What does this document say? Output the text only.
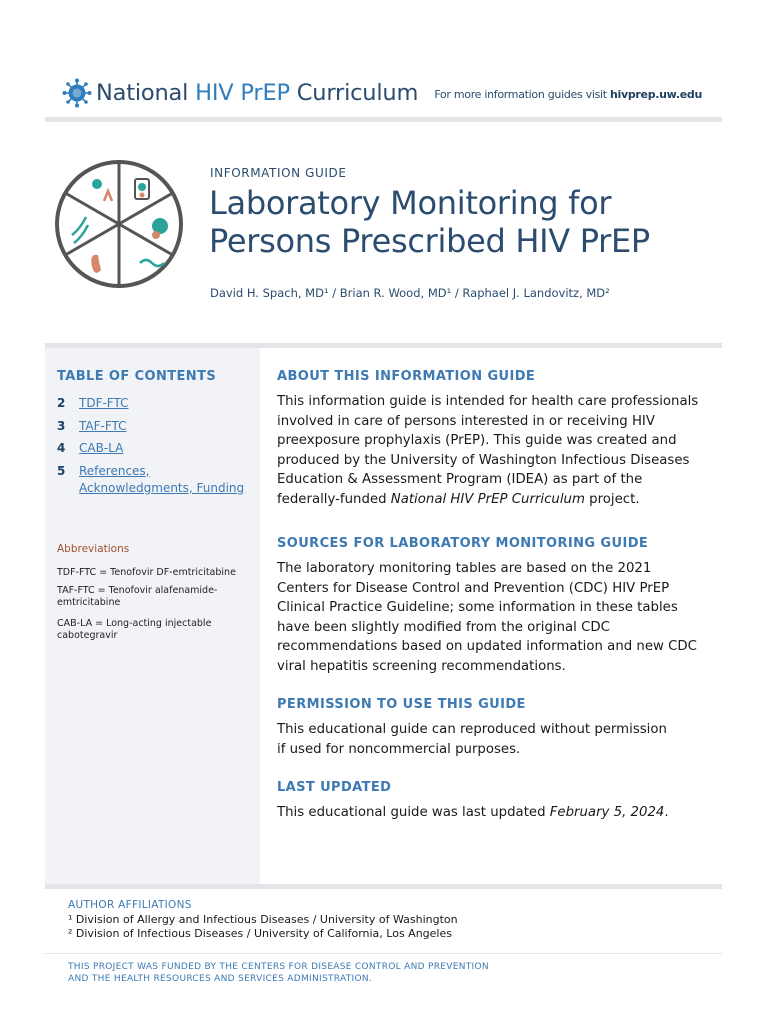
National HIV PrEP Curriculum For more information guides visit hivprep.uw.edu
INFORMATION GUIDE
Laboratory Monitoring for
Persons Prescribed HIV PrEP
David H. Spach, MD¹ / Brian R. Wood, MD¹ / Raphael J. Landovitz, MD²
TABLE OF CONTENTS
2	TDF-FTC
3	TAF-FTC
4	CAB-LA
5	References, Acknowledgments, Funding
Abbreviations
TDF-FTC = Tenofovir DF-emtricitabine
TAF-FTC = Tenofovir alafenamide-emtricitabine
CAB-LA = Long-acting injectable cabotegravir
ABOUT THIS INFORMATION GUIDE

This information guide is intended for health care professionals involved in care of persons interested in or receiving HIV preexposure prophylaxis (PrEP). This guide was created and produced by the University of Washington Infectious Diseases Education & Assessment Program (IDEA) as part of the federally-funded National HIV PrEP Curriculum project.

SOURCES FOR LABORATORY MONITORING GUIDE

The laboratory monitoring tables are based on the 2021 Centers for Disease Control and Prevention (CDC) HIV PrEP Clinical Practice Guideline; some information in these tables have been slightly modified from the original CDC recommendations based on updated information and new CDC viral hepatitis screening recommendations.

PERMISSION TO USE THIS GUIDE

This educational guide can reproduced without permission
if used for noncommercial purposes.

LAST UPDATED

This educational guide was last updated February 5, 2024.

AUTHOR AFFILIATIONS
¹ Division of Allergy and Infectious Diseases / University of Washington
² Division of Infectious Diseases / University of California, Los Angeles
THIS PROJECT WAS FUNDED BY THE CENTERS FOR DISEASE CONTROL AND PREVENTION
AND THE HEALTH RESOURCES AND SERVICES ADMINISTRATION.
